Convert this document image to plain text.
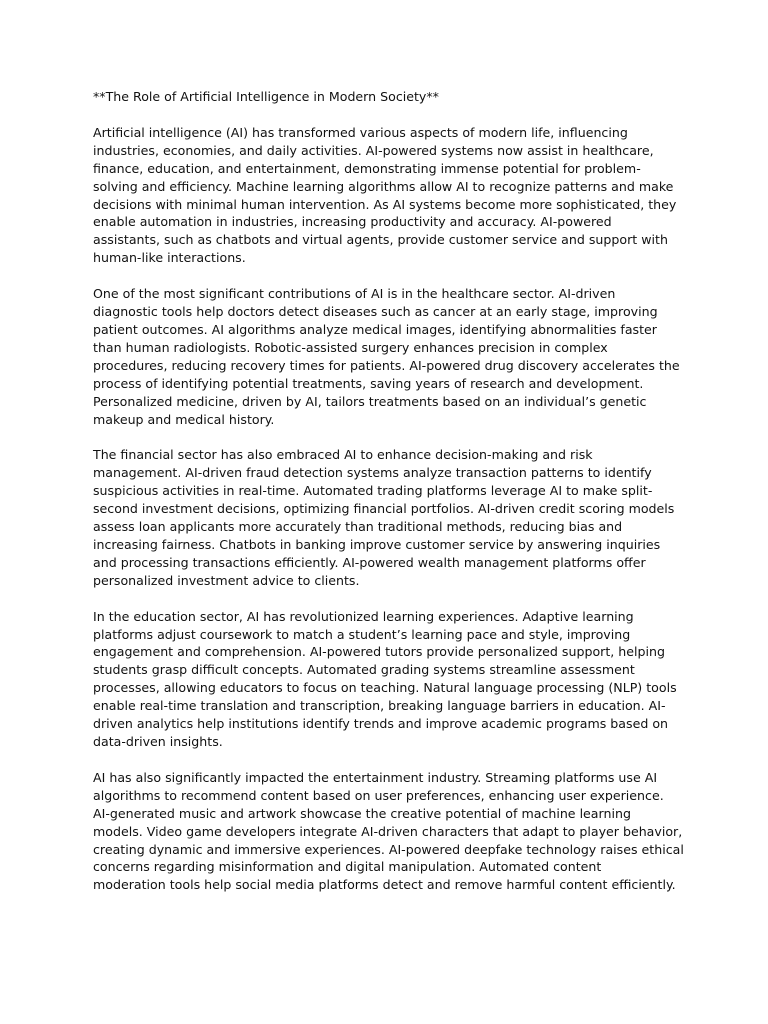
**The Role of Artificial Intelligence in Modern Society**

Artificial intelligence (AI) has transformed various aspects of modern life, influencing
industries, economies, and daily activities. AI-powered systems now assist in healthcare,
finance, education, and entertainment, demonstrating immense potential for problem-
solving and efficiency. Machine learning algorithms allow AI to recognize patterns and make
decisions with minimal human intervention. As AI systems become more sophisticated, they
enable automation in industries, increasing productivity and accuracy. AI-powered
assistants, such as chatbots and virtual agents, provide customer service and support with
human-like interactions.

One of the most significant contributions of AI is in the healthcare sector. AI-driven
diagnostic tools help doctors detect diseases such as cancer at an early stage, improving
patient outcomes. AI algorithms analyze medical images, identifying abnormalities faster
than human radiologists. Robotic-assisted surgery enhances precision in complex
procedures, reducing recovery times for patients. AI-powered drug discovery accelerates the
process of identifying potential treatments, saving years of research and development.
Personalized medicine, driven by AI, tailors treatments based on an individual’s genetic
makeup and medical history.

The financial sector has also embraced AI to enhance decision-making and risk
management. AI-driven fraud detection systems analyze transaction patterns to identify
suspicious activities in real-time. Automated trading platforms leverage AI to make split-
second investment decisions, optimizing financial portfolios. AI-driven credit scoring models
assess loan applicants more accurately than traditional methods, reducing bias and
increasing fairness. Chatbots in banking improve customer service by answering inquiries
and processing transactions efficiently. AI-powered wealth management platforms offer
personalized investment advice to clients.

In the education sector, AI has revolutionized learning experiences. Adaptive learning
platforms adjust coursework to match a student’s learning pace and style, improving
engagement and comprehension. AI-powered tutors provide personalized support, helping
students grasp difficult concepts. Automated grading systems streamline assessment
processes, allowing educators to focus on teaching. Natural language processing (NLP) tools
enable real-time translation and transcription, breaking language barriers in education. AI-
driven analytics help institutions identify trends and improve academic programs based on
data-driven insights.

AI has also significantly impacted the entertainment industry. Streaming platforms use AI
algorithms to recommend content based on user preferences, enhancing user experience.
AI-generated music and artwork showcase the creative potential of machine learning
models. Video game developers integrate AI-driven characters that adapt to player behavior,
creating dynamic and immersive experiences. AI-powered deepfake technology raises ethical
concerns regarding misinformation and digital manipulation. Automated content
moderation tools help social media platforms detect and remove harmful content efficiently.
